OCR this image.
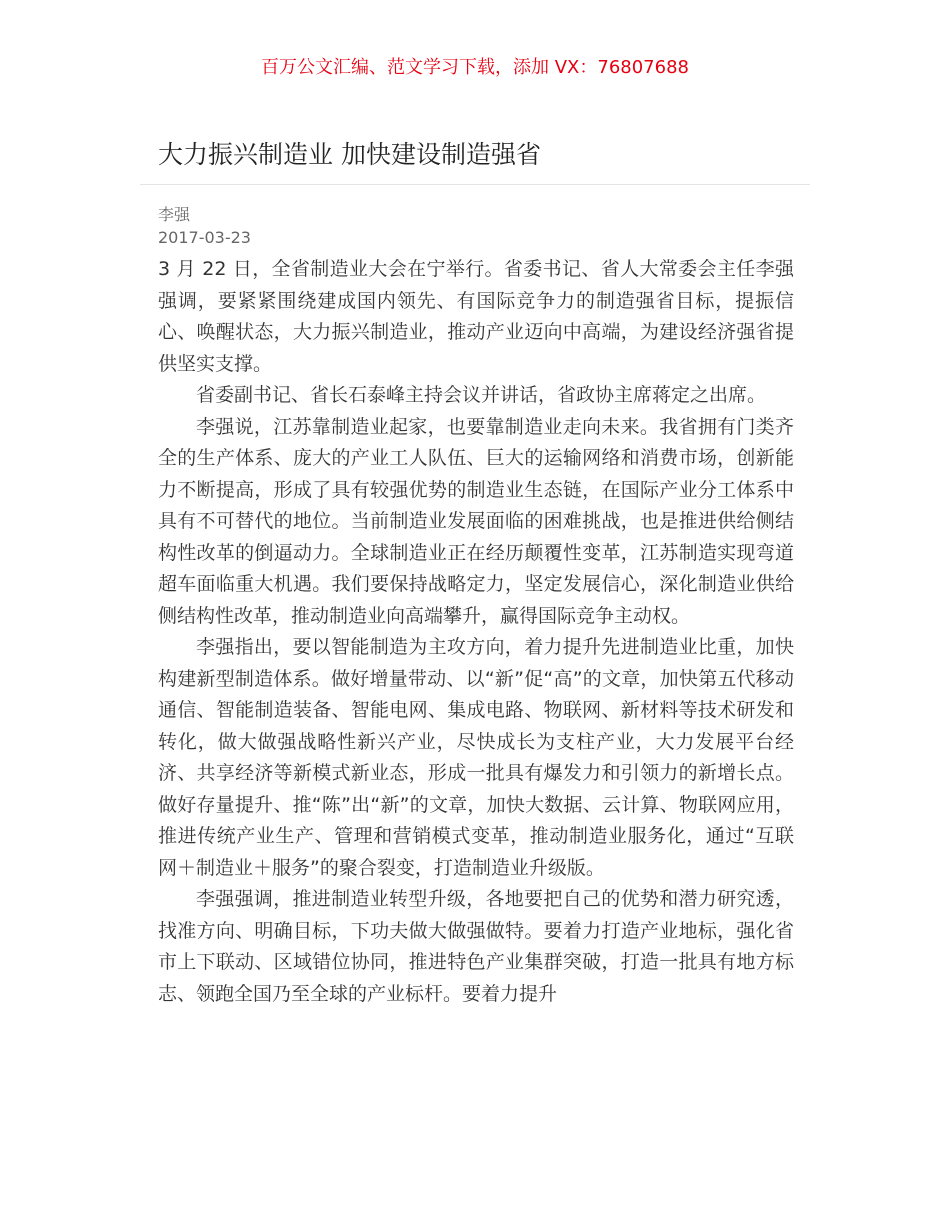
百万公文汇编、范文学习下载，添加 VX：76807688
大力振兴制造业 加快建设制造强省
李强
2017-03-23

3 月 22 日，全省制造业大会在宁举行。省委书记、省人大常委会主任李强强调，要紧紧围绕建成国内领先、有国际竞争力的制造强省目标，提振信心、唤醒状态，大力振兴制造业，推动产业迈向中高端，为建设经济强省提供坚实支撑。

省委副书记、省长石泰峰主持会议并讲话，省政协主席蒋定之出席。

李强说，江苏靠制造业起家，也要靠制造业走向未来。我省拥有门类齐全的生产体系、庞大的产业工人队伍、巨大的运输网络和消费市场，创新能力不断提高，形成了具有较强优势的制造业生态链，在国际产业分工体系中具有不可替代的地位。当前制造业发展面临的困难挑战，也是推进供给侧结构性改革的倒逼动力。全球制造业正在经历颠覆性变革，江苏制造实现弯道超车面临重大机遇。我们要保持战略定力，坚定发展信心，深化制造业供给侧结构性改革，推动制造业向高端攀升，赢得国际竞争主动权。

李强指出，要以智能制造为主攻方向，着力提升先进制造业比重，加快构建新型制造体系。做好增量带动、以“新”促“高”的文章，加快第五代移动通信、智能制造装备、智能电网、集成电路、物联网、新材料等技术研发和转化，做大做强战略性新兴产业，尽快成长为支柱产业，大力发展平台经济、共享经济等新模式新业态，形成一批具有爆发力和引领力的新增长点。做好存量提升、推“陈”出“新”的文章，加快大数据、云计算、物联网应用，推进传统产业生产、管理和营销模式变革，推动制造业服务化，通过“互联网＋制造业＋服务”的聚合裂变，打造制造业升级版。

李强强调，推进制造业转型升级，各地要把自己的优势和潜力研究透，找准方向、明确目标，下功夫做大做强做特。要着力打造产业地标，强化省市上下联动、区域错位协同，推进特色产业集群突破，打造一批具有地方标志、领跑全国乃至全球的产业标杆。要着力提升
